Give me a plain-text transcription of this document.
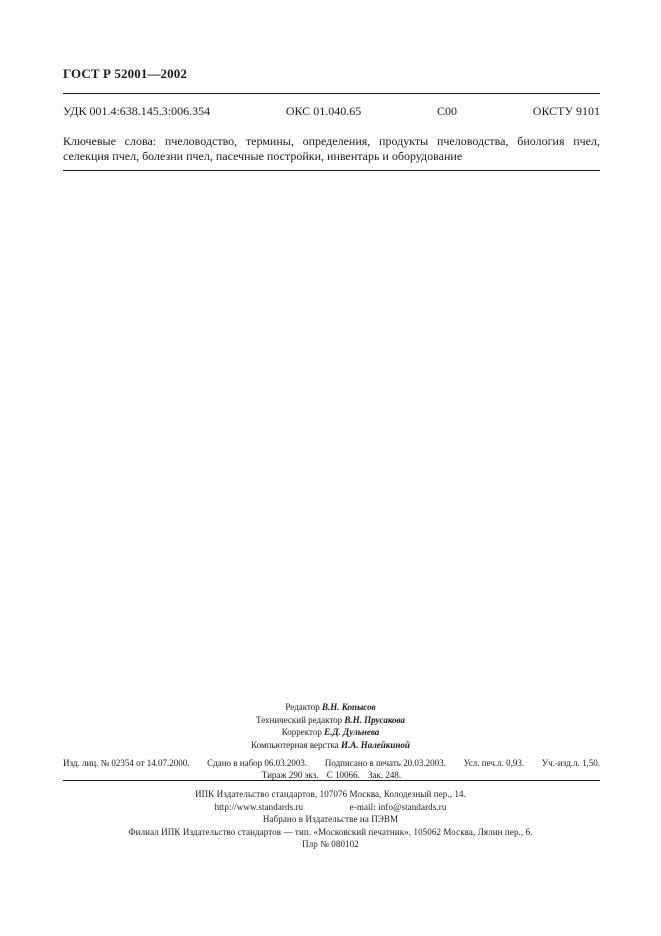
ГОСТ Р 52001—2002
УДК 001.4:638.145.3:006.354	ОКС 01.040.65	С00	ОКСТУ 9101
Ключевые слова: пчеловодство, термины, определения, продукты пчеловодства, биология пчел, селекция пчел, болезни пчел, пасечные постройки, инвентарь и оборудование
Редактор В.Н. Копысов
Технический редактор В.Н. Прусакова
Корректор Е.Д. Дульнева
Компьютерная верстка И.А. Налейкиной
Изд. лиц. № 02354 от 14.07.2000. Сдано в набор 06.03.2003. Подписано в печать 20.03.2003. Усл. печ.л. 0,93. Уч.-изд.л. 1,50.
Тираж 290 экз. С 10066. Зак. 248.
ИПК Издательство стандартов, 107076 Москва, Колодезный пер., 14.
http://www.standards.ru	e-mail: info@standards.ru
Набрано в Издательстве на ПЭВМ
Филиал ИПК Издательство стандартов — тип. «Московский печатник», 105062 Москва, Лялин пер., 6.
Плр № 080102
